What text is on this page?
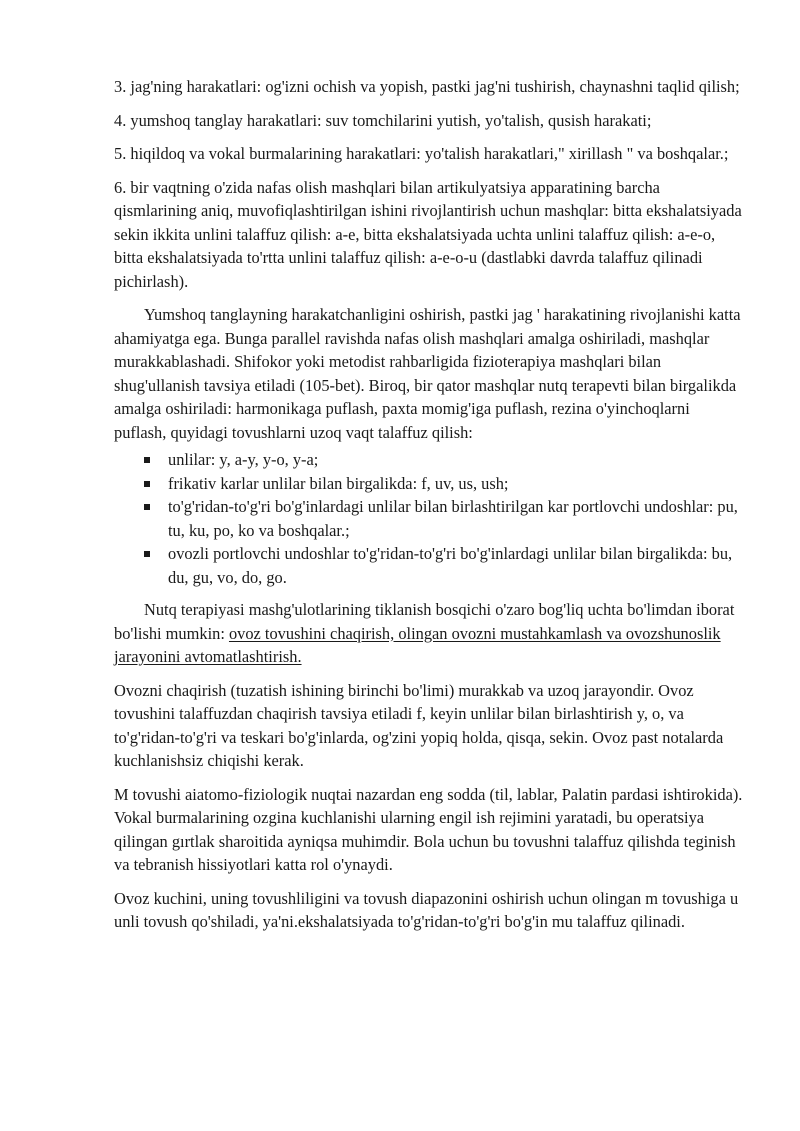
3. jag'ning harakatlari: og'izni ochish va yopish, pastki jag'ni tushirish, chaynashni taqlid qilish;

4. yumshoq tanglay harakatlari: suv tomchilarini yutish, yo'talish, qusish harakati;

5. hiqildoq va vokal burmalarining harakatlari: yo'talish harakatlari," xirillash " va boshqalar.;

6. bir vaqtning o'zida nafas olish mashqlari bilan artikulyatsiya apparatining barcha qismlarining aniq, muvofiqlashtirilgan ishini rivojlantirish uchun mashqlar: bitta ekshalatsiyada sekin ikkita unlini talaffuz qilish: a-e, bitta ekshalatsiyada uchta unlini talaffuz qilish: a-e-o, bitta ekshalatsiyada to'rtta unlini talaffuz qilish: a-e-o-u (dastlabki davrda talaffuz qilinadi pichirlash).

Yumshoq tanglayning harakatchanligini oshirish, pastki jag ' harakatining rivojlanishi katta ahamiyatga ega. Bunga parallel ravishda nafas olish mashqlari amalga oshiriladi, mashqlar murakkablashadi. Shifokor yoki metodist rahbarligida fizioterapiya mashqlari bilan shug'ullanish tavsiya etiladi (105-bet). Biroq, bir qator mashqlar nutq terapevti bilan birgalikda amalga oshiriladi: harmonikaga puflash, paxta momig'iga puflash, rezina o'yinchoqlarni puflash, quyidagi tovushlarni uzoq vaqt talaffuz qilish:

unlilar: y, a-y, y-o, y-a;
frikativ karlar unlilar bilan birgalikda: f, uv, us, ush;
to'g'ridan-to'g'ri bo'g'inlardagi unlilar bilan birlashtirilgan kar portlovchi undoshlar: pu, tu, ku, po, ko va boshqalar.;
ovozli portlovchi undoshlar to'g'ridan-to'g'ri bo'g'inlardagi unlilar bilan birgalikda: bu, du, gu, vo, do, go.

Nutq terapiyasi mashg'ulotlarining tiklanish bosqichi o'zaro bog'liq uchta bo'limdan iborat bo'lishi mumkin: ovoz tovushini chaqirish, olingan ovozni mustahkamlash va ovozshunoslik jarayonini avtomatlashtirish.

Ovozni chaqirish (tuzatish ishining birinchi bo'limi) murakkab va uzoq jarayondir. Ovoz tovushini talaffuzdan chaqirish tavsiya etiladi f, keyin unlilar bilan birlashtirish y, o, va to'g'ridan-to'g'ri va teskari bo'g'inlarda, og'zini yopiq holda, qisqa, sekin. Ovoz past notalarda kuchlanishsiz chiqishi kerak.

M tovushi aiatomo-fiziologik nuqtai nazardan eng sodda (til, lablar, Palatin pardasi ishtirokida). Vokal burmalarining ozgina kuchlanishi ularning engil ish rejimini yaratadi, bu operatsiya qilingan gırtlak sharoitida ayniqsa muhimdir. Bola uchun bu tovushni talaffuz qilishda teginish va tebranish hissiyotlari katta rol o'ynaydi.

Ovoz kuchini, uning tovushliligini va tovush diapazonini oshirish uchun olingan m tovushiga u unli tovush qo'shiladi, ya'ni.ekshalatsiyada to'g'ridan-to'g'ri bo'g'in mu talaffuz qilinadi.
